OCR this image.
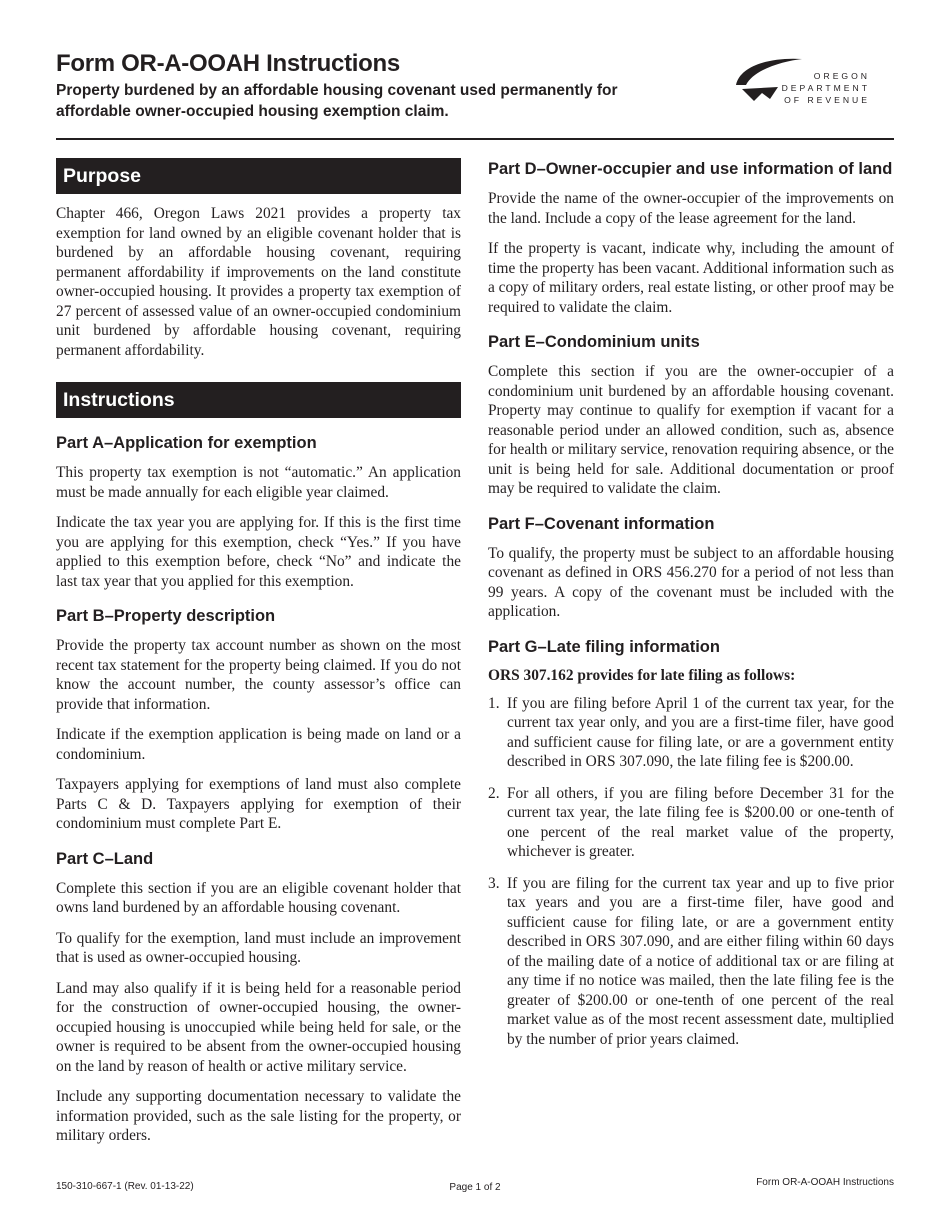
Form OR-A-OOAH Instructions
Property burdened by an affordable housing covenant used permanently for affordable owner-occupied housing exemption claim.
OREGON
DEPARTMENT
OF REVENUE
Purpose

Chapter 466, Oregon Laws 2021 provides a property tax exemption for land owned by an eligible covenant holder that is burdened by an affordable housing covenant, requiring permanent affordability if improvements on the land constitute owner-occupied housing. It provides a property tax exemption of 27 percent of assessed value of an owner-occupied condominium unit burdened by affordable housing covenant, requiring permanent affordability.

Instructions
Part A–Application for exemption

This property tax exemption is not “automatic.” An application must be made annually for each eligible year claimed.

Indicate the tax year you are applying for. If this is the first time you are applying for this exemption, check “Yes.” If you have applied to this exemption before, check “No” and indicate the last tax year that you applied for this exemption.

Part B–Property description

Provide the property tax account number as shown on the most recent tax statement for the property being claimed. If you do not know the account number, the county assessor’s office can provide that information.

Indicate if the exemption application is being made on land or a condominium.

Taxpayers applying for exemptions of land must also complete Parts C & D. Taxpayers applying for exemption of their condominium must complete Part E.

Part C–Land

Complete this section if you are an eligible covenant holder that owns land burdened by an affordable housing covenant.

To qualify for the exemption, land must include an improvement that is used as owner-occupied housing.

Land may also qualify if it is being held for a reasonable period for the construction of owner-occupied housing, the owner-occupied housing is unoccupied while being held for sale, or the owner is required to be absent from the owner-occupied housing on the land by reason of health or active military service.

Include any supporting documentation necessary to validate the information provided, such as the sale listing for the property, or military orders.

Part D–Owner-occupier and use information of land

Provide the name of the owner-occupier of the improvements on the land. Include a copy of the lease agreement for the land.

If the property is vacant, indicate why, including the amount of time the property has been vacant. Additional information such as a copy of military orders, real estate listing, or other proof may be required to validate the claim.

Part E–Condominium units

Complete this section if you are the owner-occupier of a condominium unit burdened by an affordable housing covenant. Property may continue to qualify for exemption if vacant for a reasonable period under an allowed condition, such as, absence for health or military service, renovation requiring absence, or the unit is being held for sale. Additional documentation or proof may be required to validate the claim.

Part F–Covenant information

To qualify, the property must be subject to an affordable housing covenant as defined in ORS 456.270 for a period of not less than 99 years. A copy of the covenant must be included with the application.

Part G–Late filing information
ORS 307.162 provides for late filing as follows:
1. If you are filing before April 1 of the current tax year, for the current tax year only, and you are a first-time filer, have good and sufficient cause for filing late, or are a government entity described in ORS 307.090, the late filing fee is $200.00.
2. For all others, if you are filing before December 31 for the current tax year, the late filing fee is $200.00 or one-tenth of one percent of the real market value of the property, whichever is greater.
3. If you are filing for the current tax year and up to five prior tax years and you are a first-time filer, have good and sufficient cause for filing late, or are a government entity described in ORS 307.090, and are either filing within 60 days of the mailing date of a notice of additional tax or are filing at any time if no notice was mailed, then the late filing fee is the greater of $200.00 or one-tenth of one percent of the real market value as of the most recent assessment date, multiplied by the number of prior years claimed.
150-310-667-1 (Rev. 01-13-22)	Page 1 of 2	Form OR-A-OOAH Instructions
